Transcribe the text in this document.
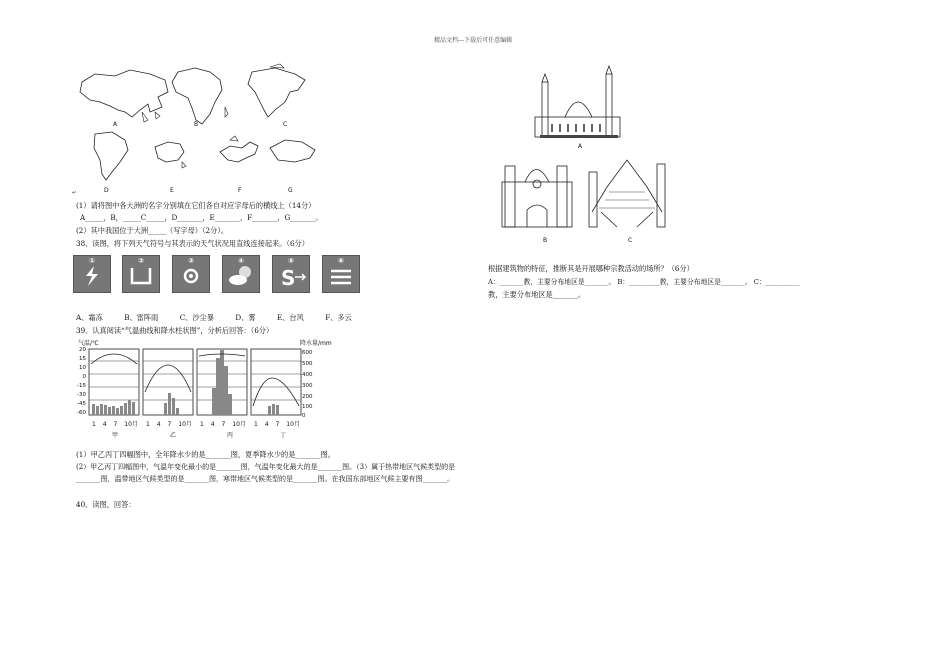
精品文档---下载后可任意编辑
A	B	C
D	E	F	G
↵
(1）请将图中各大洲的名字分别填在它们各自对应字母后的横线上（14分）
A_____，B，_____C_____，D_______，E_______，F_______，G_______。
(2）其中我国位于大洲_____（写字母）（2分）。
38、读图，将下列天气符号与其表示的天气状况用直线连接起来。（6分）
①	②	③	④	⑤
S
⑥
A、霜冻	B、雷阵雨	C、沙尘暴	D、雾	E、台风	F、多云
39、认真阅读“气温曲线和降水柱状图”，分析后回答：（6分）
气温/℃	降水量/mm
20
15
10
0
-15
-30
-45
-60
600
500
400
300
200
100
0
1 4 7 10月 1 4 7 10月 1 4 7 10月 1 4 7 10月
甲	乙	丙	丁
(1）甲乙丙丁四幅图中，全年降水少的是_______图，夏季降水少的是_______图。
(2）甲乙丙丁四幅图中，气温年变化最小的是_______图，气温年变化最大的是_______图。（3）属于热带地区气候类型的是_______图，温带地区气候类型的是_______图，寒带地区气候类型的是_______图。在我国东部地区气候主要有图_______。
40、读图，回答：
A
B	C
根据建筑物的特征，推断其是开展哪种宗教活动的场所？（6分）
A：_______教，主要分布地区是_______。 B：_________教，主要分布地区是_______。 C：__________
教，主要分布地区是_______。
